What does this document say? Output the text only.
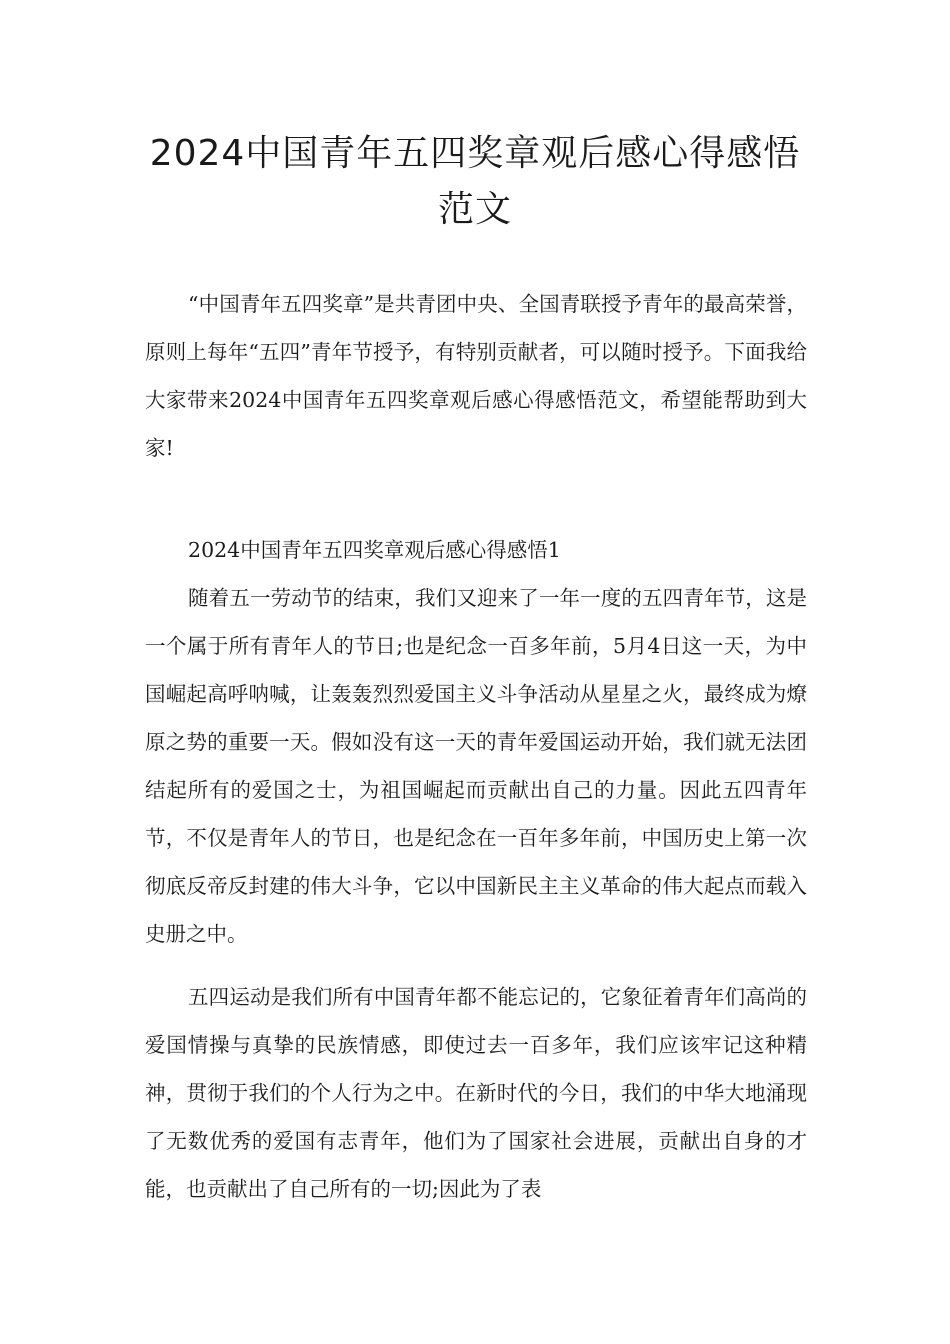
2024中国青年五四奖章观后感心得感悟
范文

“中国青年五四奖章”是共青团中央、全国青联授予青年的最高荣誉，原则上每年“五四”青年节授予，有特别贡献者，可以随时授予。下面我给大家带来2024中国青年五四奖章观后感心得感悟范文，希望能帮助到大家!

2024中国青年五四奖章观后感心得感悟1

随着五一劳动节的结束，我们又迎来了一年一度的五四青年节，这是一个属于所有青年人的节日;也是纪念一百多年前，5月4日这一天，为中国崛起高呼呐喊，让轰轰烈烈爱国主义斗争活动从星星之火，最终成为燎原之势的重要一天。假如没有这一天的青年爱国运动开始，我们就无法团结起所有的爱国之士，为祖国崛起而贡献出自己的力量。因此五四青年节，不仅是青年人的节日，也是纪念在一百年多年前，中国历史上第一次彻底反帝反封建的伟大斗争，它以中国新民主主义革命的伟大起点而载入史册之中。

五四运动是我们所有中国青年都不能忘记的，它象征着青年们高尚的爱国情操与真挚的民族情感，即使过去一百多年，我们应该牢记这种精神，贯彻于我们的个人行为之中。在新时代的今日，我们的中华大地涌现了无数优秀的爱国有志青年，他们为了国家社会进展，贡献出自身的才能，也贡献出了自己所有的一切;因此为了表
